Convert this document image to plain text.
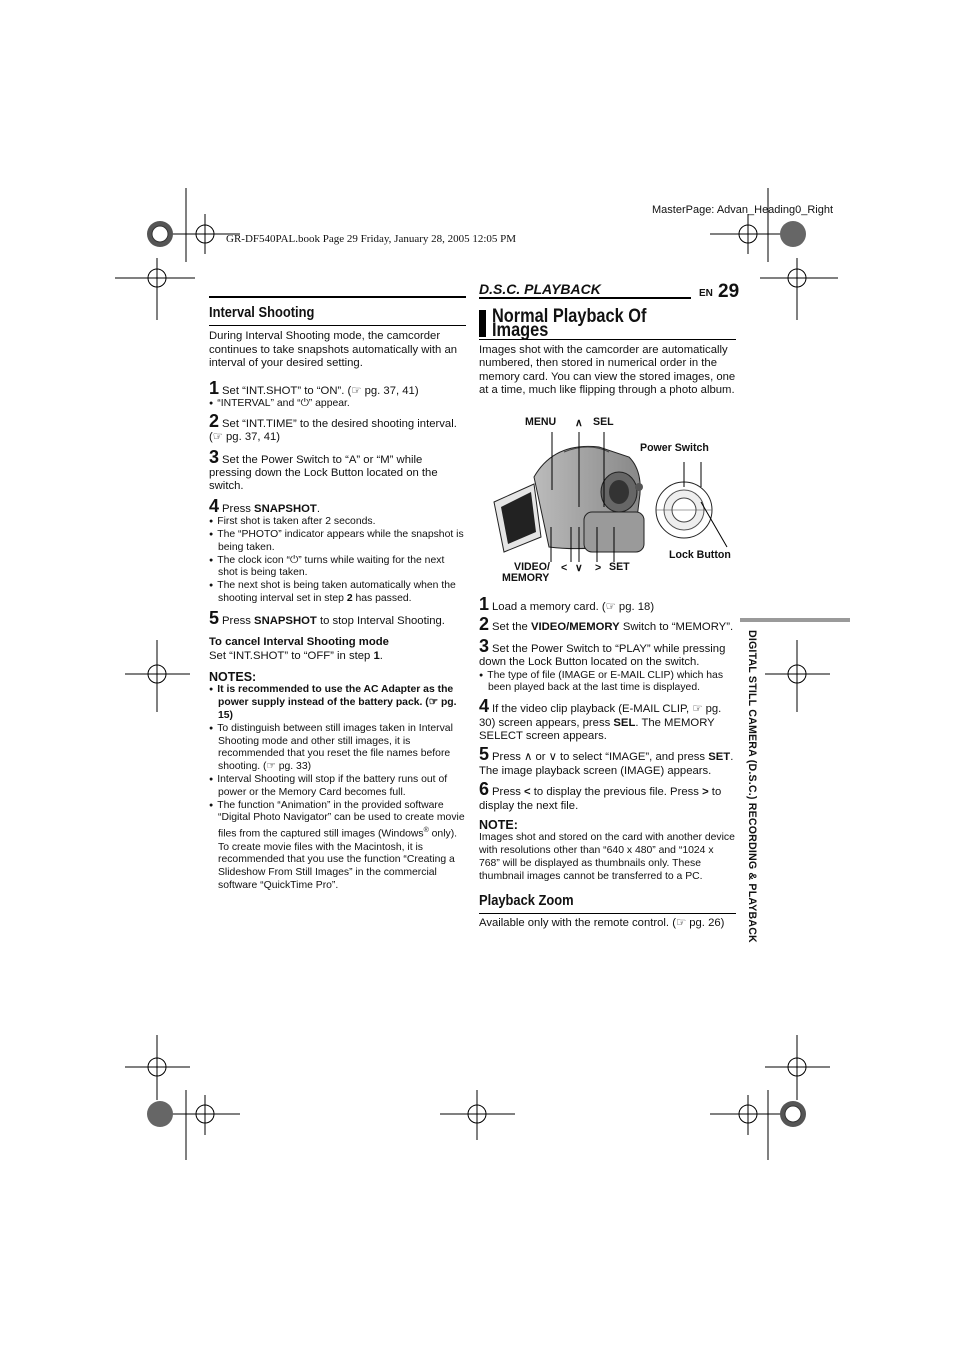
MasterPage: Advan_Heading0_Right
GR-DF540PAL.book Page 29 Friday, January 28, 2005 12:05 PM
D.S.C. PLAYBACK	EN 29
DIGITAL STILL CAMERA (D.S.C.) RECORDING & PLAYBACK
Interval Shooting

During Interval Shooting mode, the camcorder continues to take snapshots automatically with an interval of your desired setting.

1 Set “INT.SHOT” to “ON”. (☞ pg. 37, 41)
● “INTERVAL” and “⏻” appear.
2 Set “INT.TIME” to the desired shooting interval. (☞ pg. 37, 41)
3 Set the Power Switch to “A” or “M” while pressing down the Lock Button located on the switch.
4 Press SNAPSHOT.
● First shot is taken after 2 seconds.
● The “PHOTO” indicator appears while the snapshot is being taken.
● The clock icon “⏻” turns while waiting for the next shot is being taken.
● The next shot is being taken automatically when the shooting interval set in step 2 has passed.
5 Press SNAPSHOT to stop Interval Shooting.

To cancel Interval Shooting mode

Set “INT.SHOT” to “OFF” in step 1.

NOTES:
● It is recommended to use the AC Adapter as the power supply instead of the battery pack. (☞ pg. 15)
● To distinguish between still images taken in Interval Shooting mode and other still images, it is recommended that you reset the file names before shooting. (☞ pg. 33)
● Interval Shooting will stop if the battery runs out of power or the Memory Card becomes full.
● The function “Animation” in the provided software “Digital Photo Navigator” can be used to create movie files from the captured still images (Windows® only). To create movie files with the Macintosh, it is recommended that you use the function “Creating a Slideshow From Still Images” in the commercial software “QuickTime Pro”.
Normal Playback Of Images

Images shot with the camcorder are automatically numbered, then stored in numerical order in the memory card. You can view the stored images, one at a time, much like flipping through a photo album.

MENU ∧ SEL
Power Switch
VIDEO/
MEMORY
< ∨ > SET
Lock Button
1 Load a memory card. (☞ pg. 18)
2 Set the VIDEO/MEMORY Switch to “MEMORY”.
3 Set the Power Switch to “PLAY” while pressing down the Lock Button located on the switch.
● The type of file (IMAGE or E-MAIL CLIP) which has been played back at the last time is displayed.
4 If the video clip playback (E-MAIL CLIP, ☞ pg. 30) screen appears, press SEL. The MEMORY SELECT screen appears.
5 Press ∧ or ∨ to select “IMAGE”, and press SET. The image playback screen (IMAGE) appears.
6 Press < to display the previous file. Press > to display the next file.
NOTE:

Images shot and stored on the card with another device with resolutions other than “640 x 480” and “1024 x 768” will be displayed as thumbnails only. These thumbnail images cannot be transferred to a PC.

Playback Zoom

Available only with the remote control. (☞ pg. 26)
